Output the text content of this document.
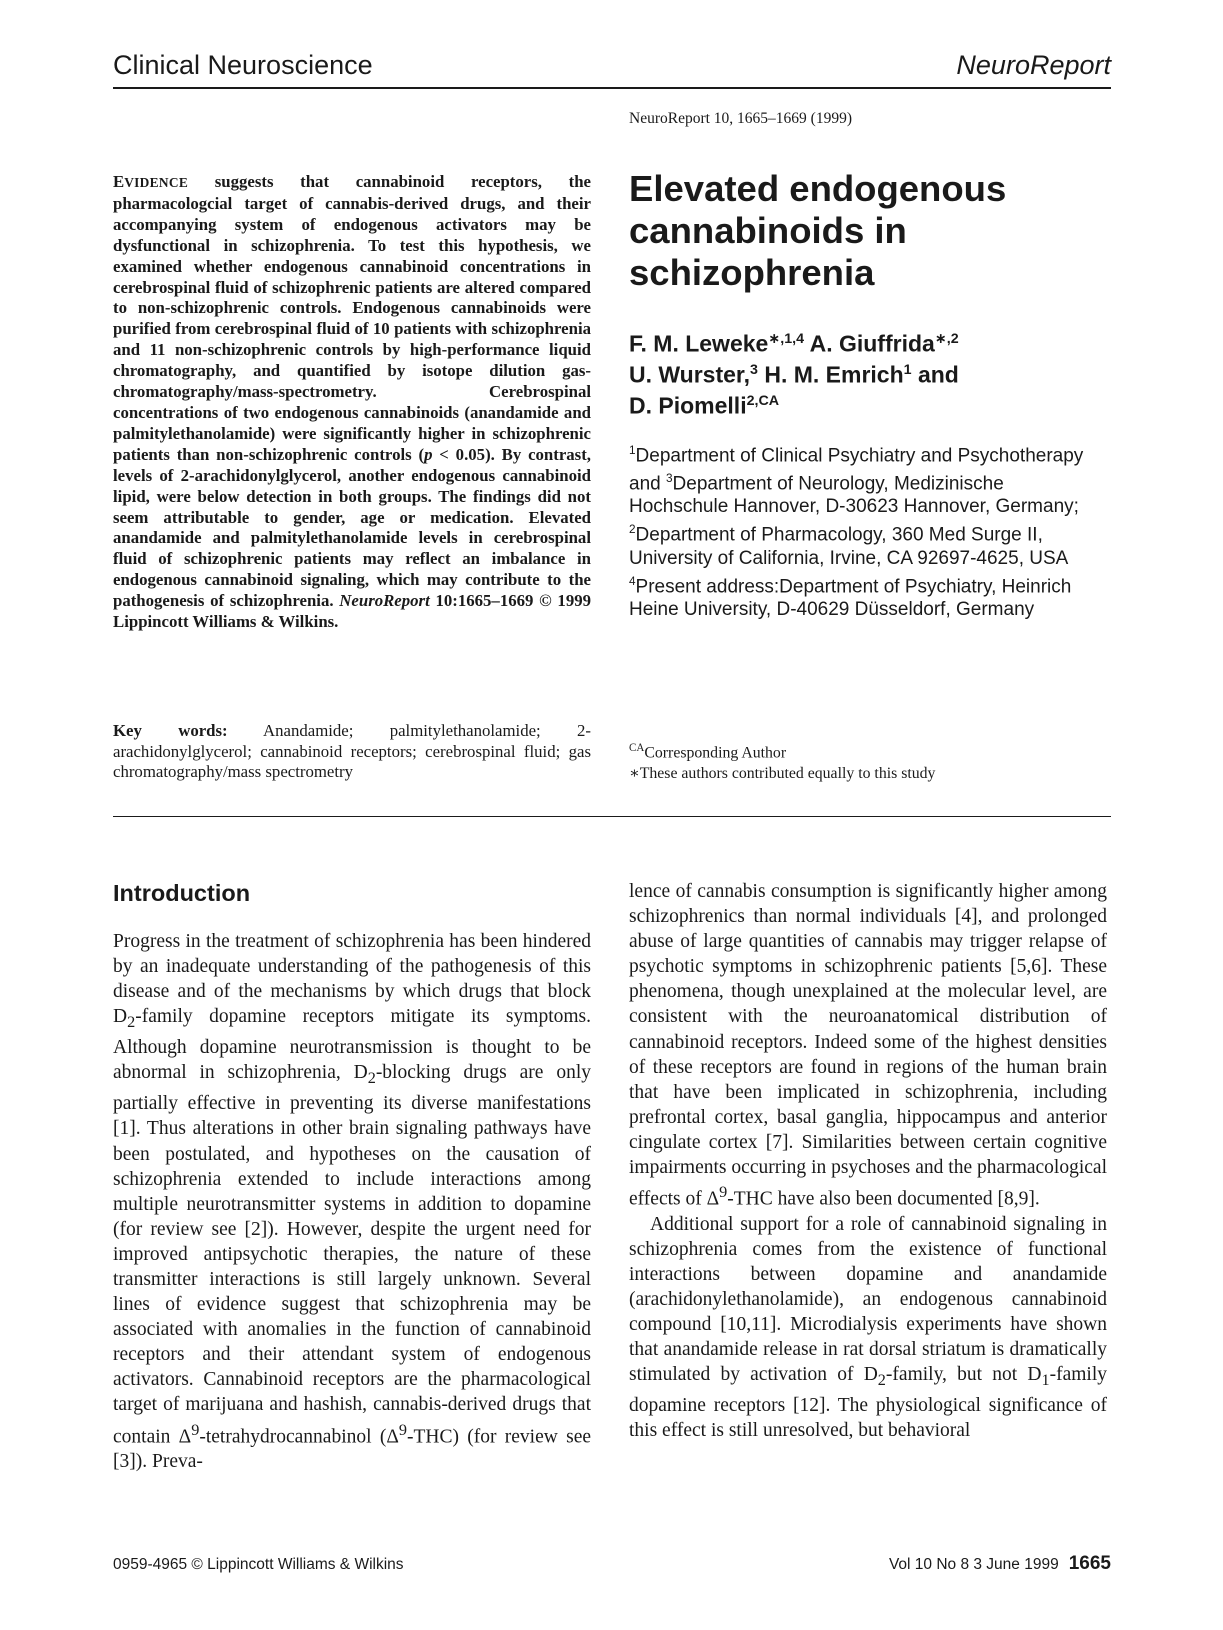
Clinical Neuroscience	NeuroReport
NeuroReport 10, 1665–1669 (1999)
EVIDENCE suggests that cannabinoid receptors, the pharmacologcial target of cannabis-derived drugs, and their accompanying system of endogenous activators may be dysfunctional in schizophrenia. To test this hypothesis, we examined whether endogenous cannabinoid concentrations in cerebrospinal fluid of schizophrenic patients are altered compared to non-schizophrenic controls. Endogenous cannabinoids were purified from cerebrospinal fluid of 10 patients with schizophrenia and 11 non-schizophrenic controls by high-performance liquid chromatography, and quantified by isotope dilution gas-chromatography/mass-spectrometry. Cerebrospinal concentrations of two endogenous cannabinoids (anandamide and palmitylethanolamide) were significantly higher in schizophrenic patients than non-schizophrenic controls (p < 0.05). By contrast, levels of 2-arachidonylglycerol, another endogenous cannabinoid lipid, were below detection in both groups. The findings did not seem attributable to gender, age or medication. Elevated anandamide and palmitylethanolamide levels in cerebrospinal fluid of schizophrenic patients may reflect an imbalance in endogenous cannabinoid signaling, which may contribute to the pathogenesis of schizophrenia. NeuroReport 10:1665–1669 © 1999 Lippincott Williams & Wilkins.
Key words: Anandamide; palmitylethanolamide; 2-arachidonylglycerol; cannabinoid receptors; cerebrospinal fluid; gas chromatography/mass spectrometry
Elevated endogenous cannabinoids in schizophrenia
F. M. Leweke$^{∗,1,4}$ A. Giuffrida$^{∗,2}$
U. Wurster,$^3$ H. M. Emrich$^1$ and
D. Piomelli$^{2,CA}$
$^1$Department of Clinical Psychiatry and Psychotherapy and $^3$Department of Neurology, Medizinische Hochschule Hannover, D-30623 Hannover, Germany; $^2$Department of Pharmacology, 360 Med Surge II, University of California, Irvine, CA 92697-4625, USA
$^4$Present address:Department of Psychiatry, Heinrich Heine University, D-40629 Düsseldorf, Germany
$^{CA}$Corresponding Author
∗These authors contributed equally to this study
Introduction

Progress in the treatment of schizophrenia has been hindered by an inadequate understanding of the pathogenesis of this disease and of the mechanisms by which drugs that block $D_2$-family dopamine receptors mitigate its symptoms. Although dopamine neurotransmission is thought to be abnormal in schizophrenia, $D_2$-blocking drugs are only partially effective in preventing its diverse manifestations [1]. Thus alterations in other brain signaling pathways have been postulated, and hypotheses on the causation of schizophrenia extended to include interactions among multiple neurotransmitter systems in addition to dopamine (for review see [2]). However, despite the urgent need for improved antipsychotic therapies, the nature of these transmitter interactions is still largely unknown. Several lines of evidence suggest that schizophrenia may be associated with anomalies in the function of cannabinoid receptors and their attendant system of endogenous activators. Cannabinoid receptors are the pharmacological target of marijuana and hashish, cannabis-derived drugs that contain $\Delta^9$-tetrahydrocannabinol $(\Delta^9-THC)$ (for review see [3]). Preva-

lence of cannabis consumption is significantly higher among schizophrenics than normal individuals [4], and prolonged abuse of large quantities of cannabis may trigger relapse of psychotic symptoms in schizophrenic patients [5,6]. These phenomena, though unexplained at the molecular level, are consistent with the neuroanatomical distribution of cannabinoid receptors. Indeed some of the highest densities of these receptors are found in regions of the human brain that have been implicated in schizophrenia, including prefrontal cortex, basal ganglia, hippocampus and anterior cingulate cortex [7]. Similarities between certain cognitive impairments occurring in psychoses and the pharmacological effects of $\Delta^9$-THC have also been documented [8,9].

Additional support for a role of cannabinoid signaling in schizophrenia comes from the existence of functional interactions between dopamine and anandamide (arachidonylethanolamide), an endogenous cannabinoid compound [10,11]. Microdialysis experiments have shown that anandamide release in rat dorsal striatum is dramatically stimulated by activation of $D_2$-family, but not $D_1$-family dopamine receptors [12]. The physiological significance of this effect is still unresolved, but behavioral

0959-4965 © Lippincott Williams & Wilkins	Vol 10 No 8 3 June 1999 1665
